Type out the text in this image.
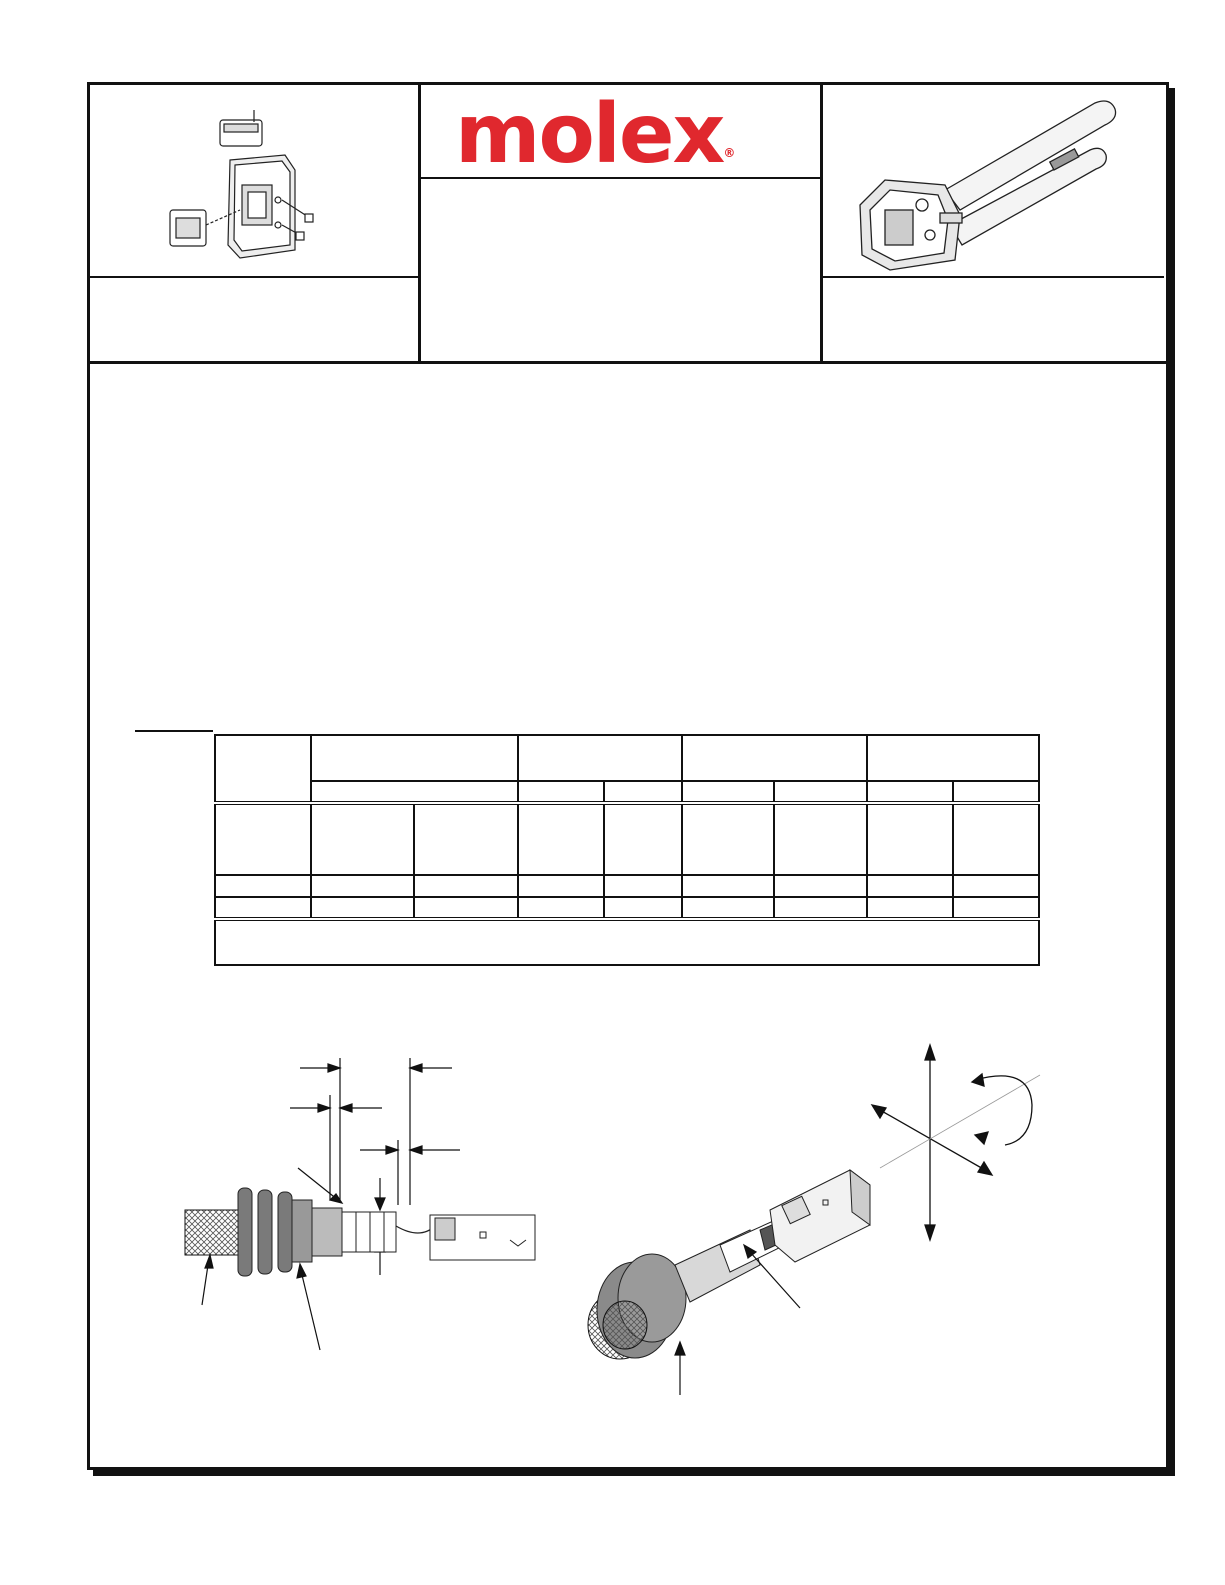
molex®
